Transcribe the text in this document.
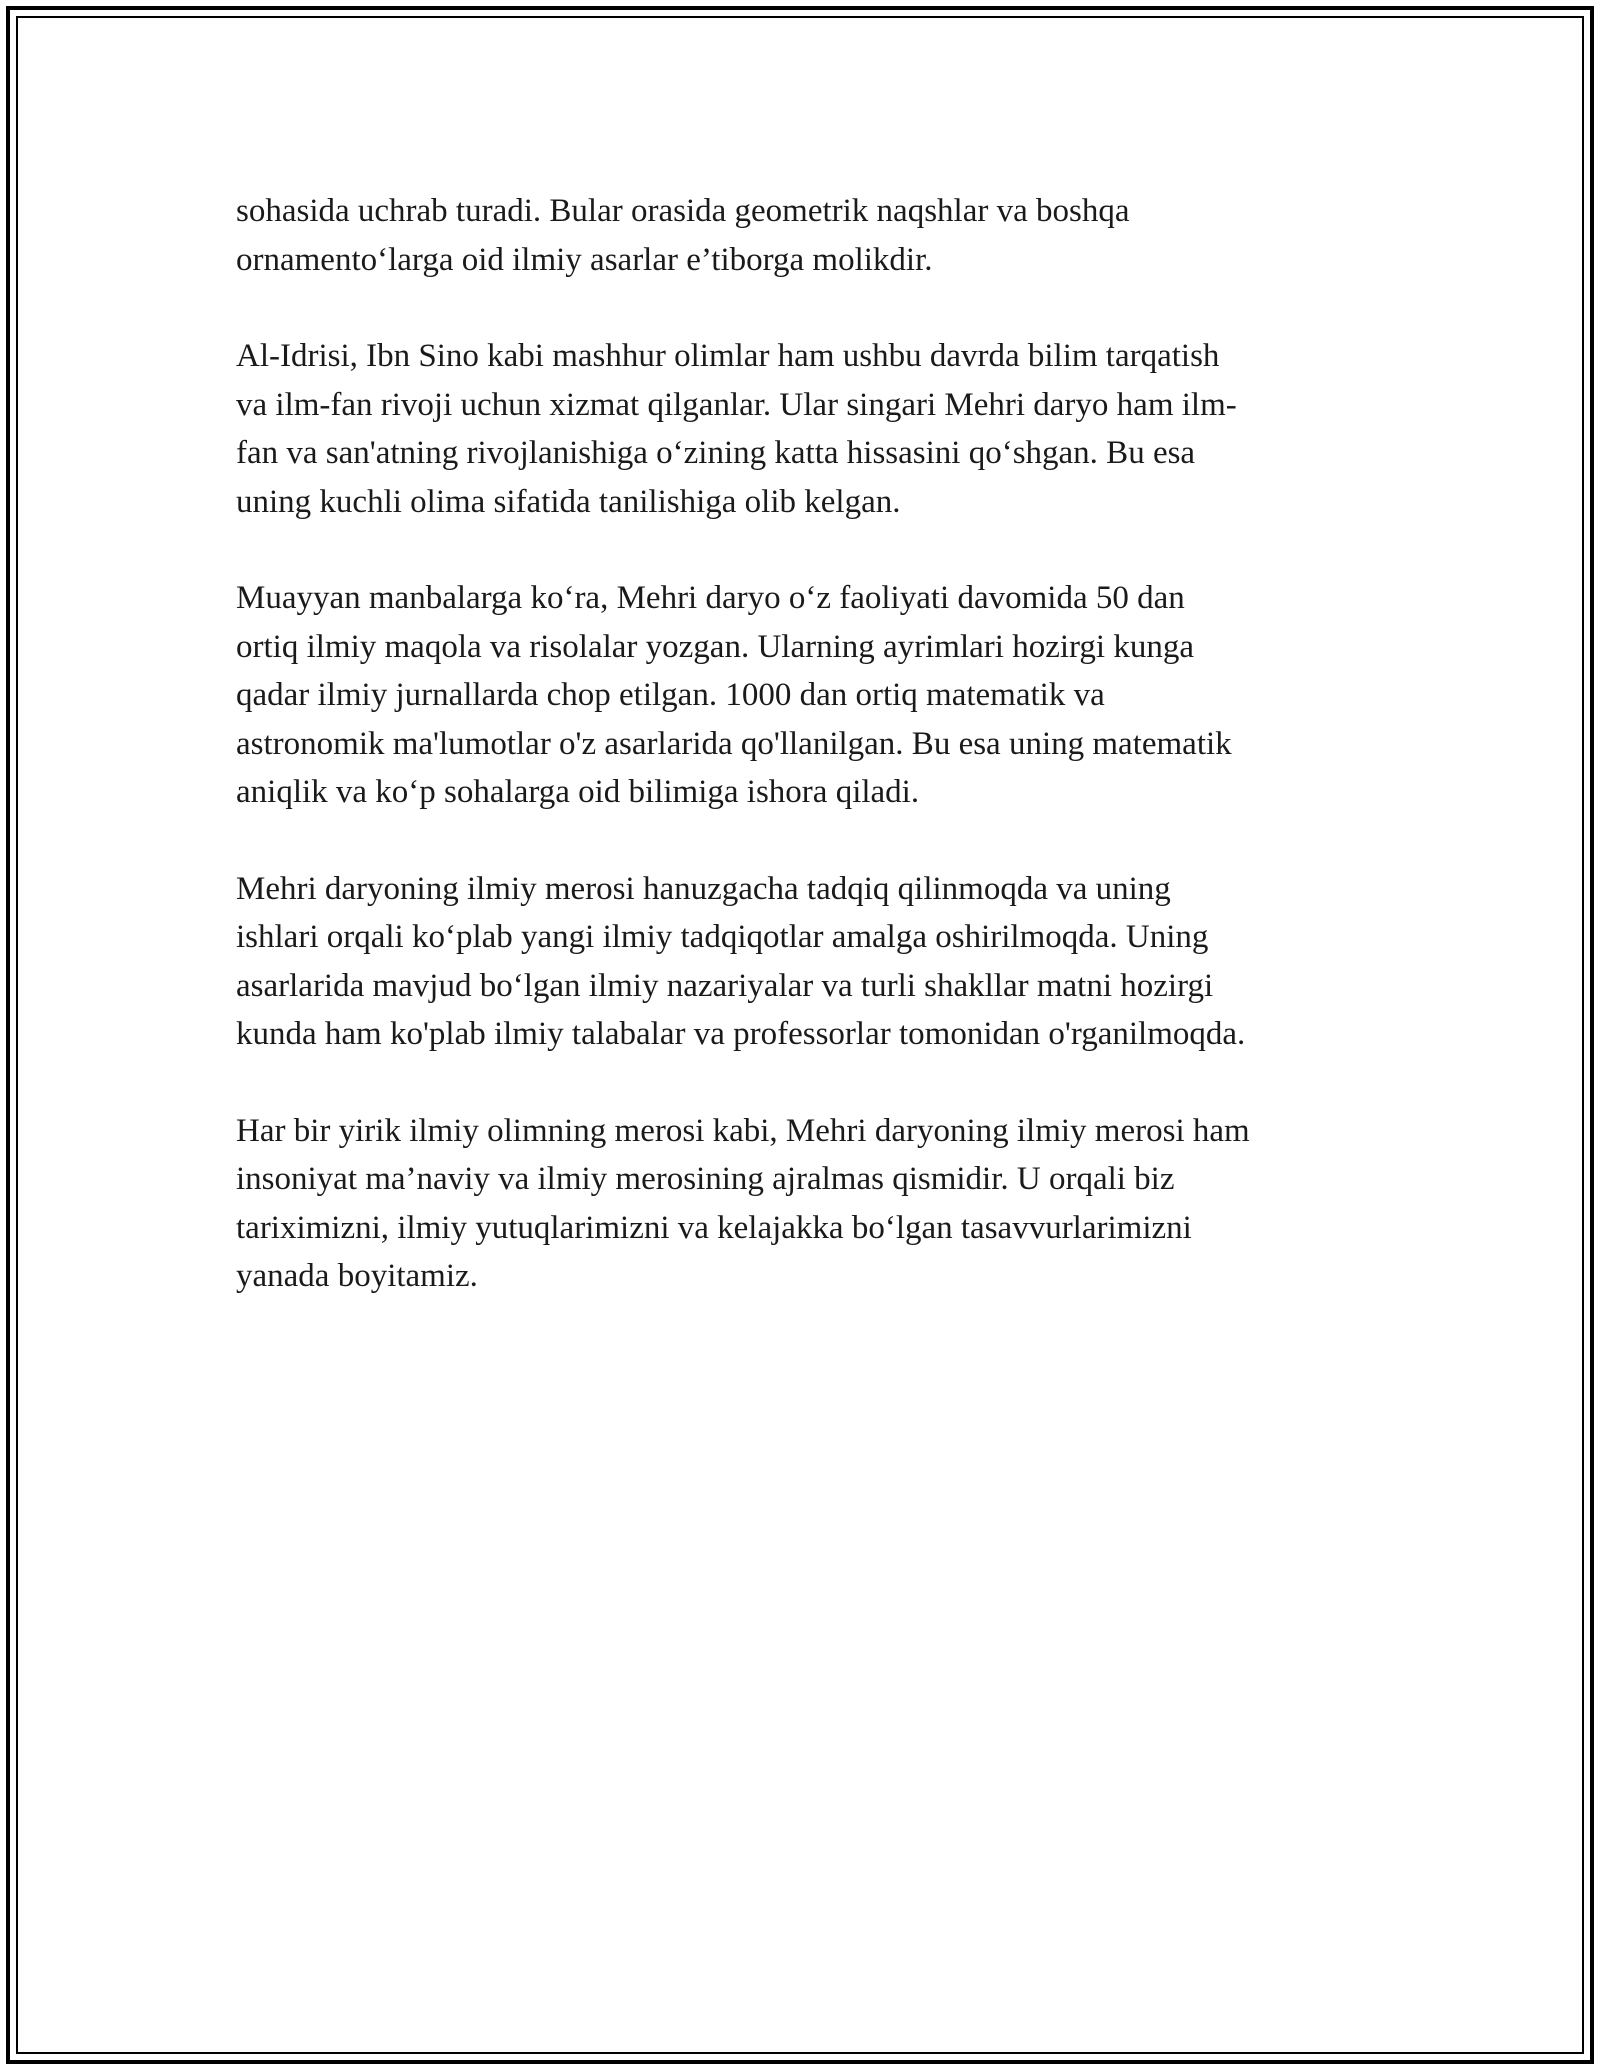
sohasida uchrab turadi. Bular orasida geometrik naqshlar va boshqa
ornamento‘larga oid ilmiy asarlar e’tiborga molikdir.

Al-Idrisi, Ibn Sino kabi mashhur olimlar ham ushbu davrda bilim tarqatish
va ilm-fan rivoji uchun xizmat qilganlar. Ular singari Mehri daryo ham ilm-
fan va san'atning rivojlanishiga o‘zining katta hissasini qo‘shgan. Bu esa
uning kuchli olima sifatida tanilishiga olib kelgan.

Muayyan manbalarga ko‘ra, Mehri daryo o‘z faoliyati davomida 50 dan
ortiq ilmiy maqola va risolalar yozgan. Ularning ayrimlari hozirgi kunga
qadar ilmiy jurnallarda chop etilgan. 1000 dan ortiq matematik va
astronomik ma'lumotlar o'z asarlarida qo'llanilgan. Bu esa uning matematik
aniqlik va ko‘p sohalarga oid bilimiga ishora qiladi.

Mehri daryoning ilmiy merosi hanuzgacha tadqiq qilinmoqda va uning
ishlari orqali ko‘plab yangi ilmiy tadqiqotlar amalga oshirilmoqda. Uning
asarlarida mavjud bo‘lgan ilmiy nazariyalar va turli shakllar matni hozirgi
kunda ham ko'plab ilmiy talabalar va professorlar tomonidan o'rganilmoqda.

Har bir yirik ilmiy olimning merosi kabi, Mehri daryoning ilmiy merosi ham
insoniyat ma’naviy va ilmiy merosining ajralmas qismidir. U orqali biz
tariximizni, ilmiy yutuqlarimizni va kelajakka bo‘lgan tasavvurlarimizni
yanada boyitamiz.
